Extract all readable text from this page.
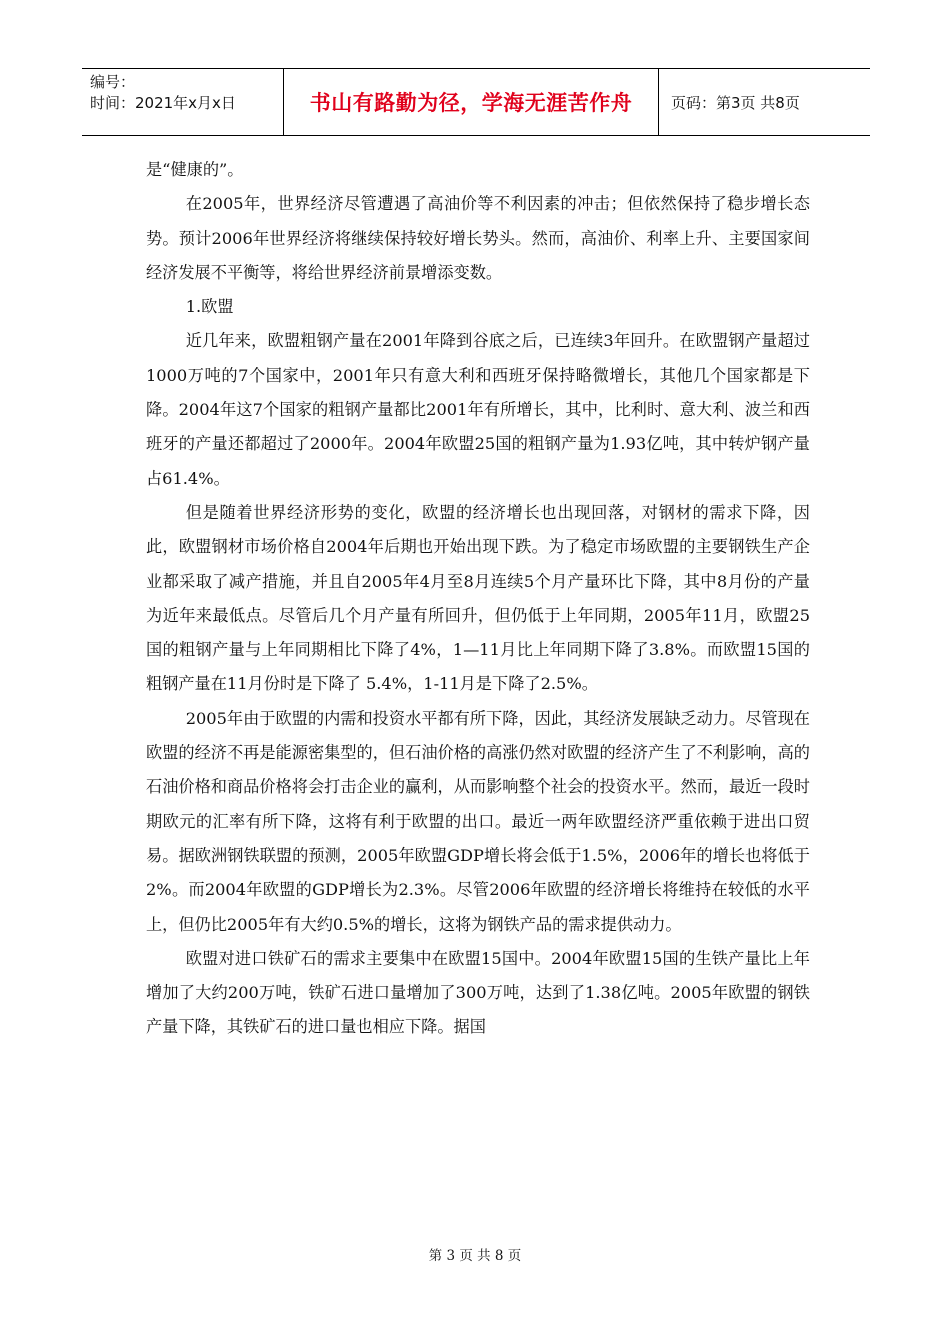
编号：
时间：2021年x月x日	书山有路勤为径，学海无涯苦作舟	页码：第3页 共8页

是“健康的”。

在2005年，世界经济尽管遭遇了高油价等不利因素的冲击；但依然保持了稳步增长态势。预计2006年世界经济将继续保持较好增长势头。然而，高油价、利率上升、主要国家间经济发展不平衡等，将给世界经济前景增添变数。

1.欧盟

近几年来，欧盟粗钢产量在2001年降到谷底之后，已连续3年回升。在欧盟钢产量超过1000万吨的7个国家中，2001年只有意大利和西班牙保持略微增长，其他几个国家都是下降。2004年这7个国家的粗钢产量都比2001年有所增长，其中，比利时、意大利、波兰和西班牙的产量还都超过了2000年。2004年欧盟25国的粗钢产量为1.93亿吨，其中转炉钢产量占61.4%。

但是随着世界经济形势的变化，欧盟的经济增长也出现回落，对钢材的需求下降，因此，欧盟钢材市场价格自2004年后期也开始出现下跌。为了稳定市场欧盟的主要钢铁生产企业都采取了减产措施，并且自2005年4月至8月连续5个月产量环比下降，其中8月份的产量为近年来最低点。尽管后几个月产量有所回升，但仍低于上年同期，2005年11月，欧盟25国的粗钢产量与上年同期相比下降了4%，1—11月比上年同期下降了3.8%。而欧盟15国的粗钢产量在11月份时是下降了 5.4%，1-11月是下降了2.5%。

2005年由于欧盟的内需和投资水平都有所下降，因此，其经济发展缺乏动力。尽管现在欧盟的经济不再是能源密集型的，但石油价格的高涨仍然对欧盟的经济产生了不利影响，高的石油价格和商品价格将会打击企业的赢利，从而影响整个社会的投资水平。然而，最近一段时期欧元的汇率有所下降，这将有利于欧盟的出口。最近一两年欧盟经济严重依赖于进出口贸易。据欧洲钢铁联盟的预测，2005年欧盟GDP增长将会低于1.5%，2006年的增长也将低于2%。而2004年欧盟的GDP增长为2.3%。尽管2006年欧盟的经济增长将维持在较低的水平上，但仍比2005年有大约0.5%的增长，这将为钢铁产品的需求提供动力。

欧盟对进口铁矿石的需求主要集中在欧盟15国中。2004年欧盟15国的生铁产量比上年增加了大约200万吨，铁矿石进口量增加了300万吨，达到了1.38亿吨。2005年欧盟的钢铁产量下降，其铁矿石的进口量也相应下降。据国

第 3 页 共 8 页
